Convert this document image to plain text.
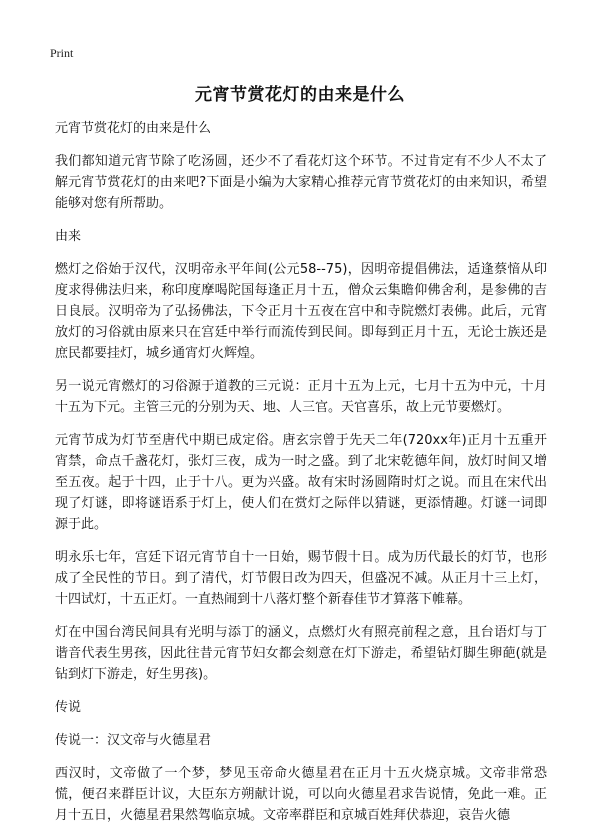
Print
元宵节赏花灯的由来是什么

元宵节赏花灯的由来是什么

我们都知道元宵节除了吃汤圆，还少不了看花灯这个环节。不过肯定有不少人不太了解元宵节赏花灯的由来吧?下面是小编为大家精心推荐元宵节赏花灯的由来知识，希望能够对您有所帮助。

由来

燃灯之俗始于汉代，汉明帝永平年间(公元58--75)，因明帝提倡佛法，适逢蔡愔从印度求得佛法归来，称印度摩喝陀国每逢正月十五，僧众云集瞻仰佛舍利，是参佛的吉日良辰。汉明帝为了弘扬佛法，下令正月十五夜在宫中和寺院燃灯表佛。此后，元宵放灯的习俗就由原来只在宫廷中举行而流传到民间。即每到正月十五，无论士族还是庶民都要挂灯，城乡通宵灯火辉煌。

另一说元宵燃灯的习俗源于道教的三元说：正月十五为上元，七月十五为中元，十月十五为下元。主管三元的分别为天、地、人三官。天官喜乐，故上元节要燃灯。

元宵节成为灯节至唐代中期已成定俗。唐玄宗曾于先天二年(720xx年)正月十五重开宵禁，命点千盏花灯，张灯三夜，成为一时之盛。到了北宋乾德年间，放灯时间又增至五夜。起于十四，止于十八。更为兴盛。故有宋时汤圆隋时灯之说。而且在宋代出现了灯谜，即将谜语系于灯上，使人们在赏灯之际伴以猜谜，更添情趣。灯谜一词即源于此。

明永乐七年，宫廷下诏元宵节自十一日始，赐节假十日。成为历代最长的灯节，也形成了全民性的节日。到了清代，灯节假日改为四天，但盛况不减。从正月十三上灯，十四试灯，十五正灯。一直热闹到十八落灯整个新春佳节才算落下帷幕。

灯在中国台湾民间具有光明与添丁的涵义，点燃灯火有照亮前程之意，且台语灯与丁谐音代表生男孩，因此往昔元宵节妇女都会刻意在灯下游走，希望钻灯脚生卵葩(就是钻到灯下游走，好生男孩)。

传说

传说一：汉文帝与火德星君

西汉时，文帝做了一个梦，梦见玉帝命火德星君在正月十五火烧京城。文帝非常恐慌，便召来群臣计议，大臣东方朔献计说，可以向火德星君求告说情，免此一难。正月十五日，火德星君果然驾临京城。文帝率群臣和京城百姓拜伏恭迎，哀告火德
